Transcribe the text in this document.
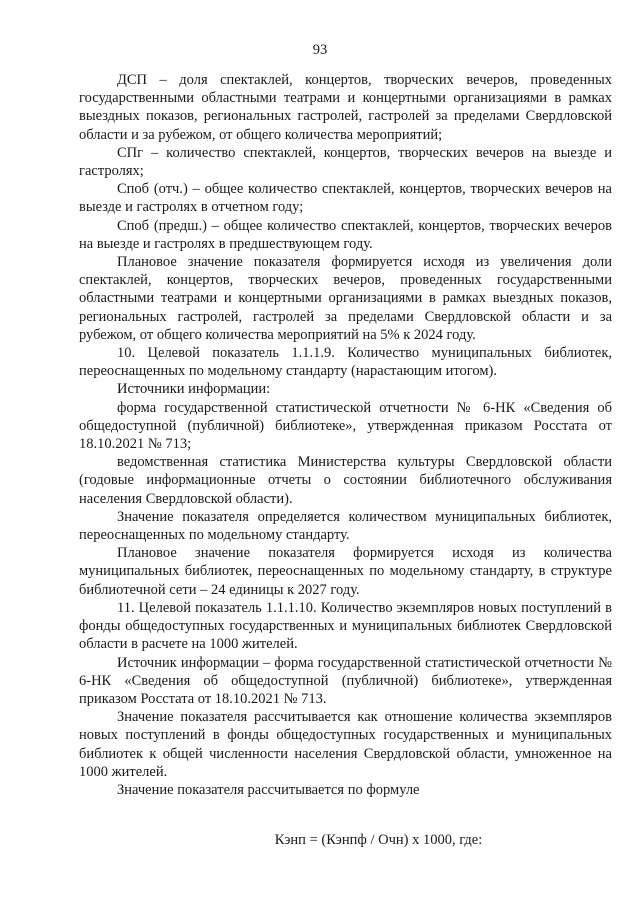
93

ДСП – доля спектаклей, концертов, творческих вечеров, проведенных государственными областными театрами и концертными организациями в рамках выездных показов, региональных гастролей, гастролей за пределами Свердловской области и за рубежом, от общего количества мероприятий;

СПг – количество спектаклей, концертов, творческих вечеров на выезде и гастролях;

Споб (отч.) – общее количество спектаклей, концертов, творческих вечеров на выезде и гастролях в отчетном году;

Споб (предш.) – общее количество спектаклей, концертов, творческих вечеров на выезде и гастролях в предшествующем году.

Плановое значение показателя формируется исходя из увеличения доли спектаклей, концертов, творческих вечеров, проведенных государственными областными театрами и концертными организациями в рамках выездных показов, региональных гастролей, гастролей за пределами Свердловской области и за рубежом, от общего количества мероприятий на 5% к 2024 году.

10. Целевой показатель 1.1.1.9. Количество муниципальных библиотек, переоснащенных по модельному стандарту (нарастающим итогом).

Источники информации:

форма государственной статистической отчетности № 6-НК «Сведения об общедоступной (публичной) библиотеке», утвержденная приказом Росстата от 18.10.2021 № 713;

ведомственная статистика Министерства культуры Свердловской области (годовые информационные отчеты о состоянии библиотечного обслуживания населения Свердловской области).

Значение показателя определяется количеством муниципальных библиотек, переоснащенных по модельному стандарту.

Плановое значение показателя формируется исходя из количества муниципальных библиотек, переоснащенных по модельному стандарту, в структуре библиотечной сети – 24 единицы к 2027 году.

11. Целевой показатель 1.1.1.10. Количество экземпляров новых поступлений в фонды общедоступных государственных и муниципальных библиотек Свердловской области в расчете на 1000 жителей.

Источник информации – форма государственной статистической отчетности № 6-НК «Сведения об общедоступной (публичной) библиотеке», утвержденная приказом Росстата от 18.10.2021 № 713.

Значение показателя рассчитывается как отношение количества экземпляров новых поступлений в фонды общедоступных государственных и муниципальных библиотек к общей численности населения Свердловской области, умноженное на 1000 жителей.

Значение показателя рассчитывается по формуле

Кэнп = (Кэнпф / Очн) x 1000, где:
